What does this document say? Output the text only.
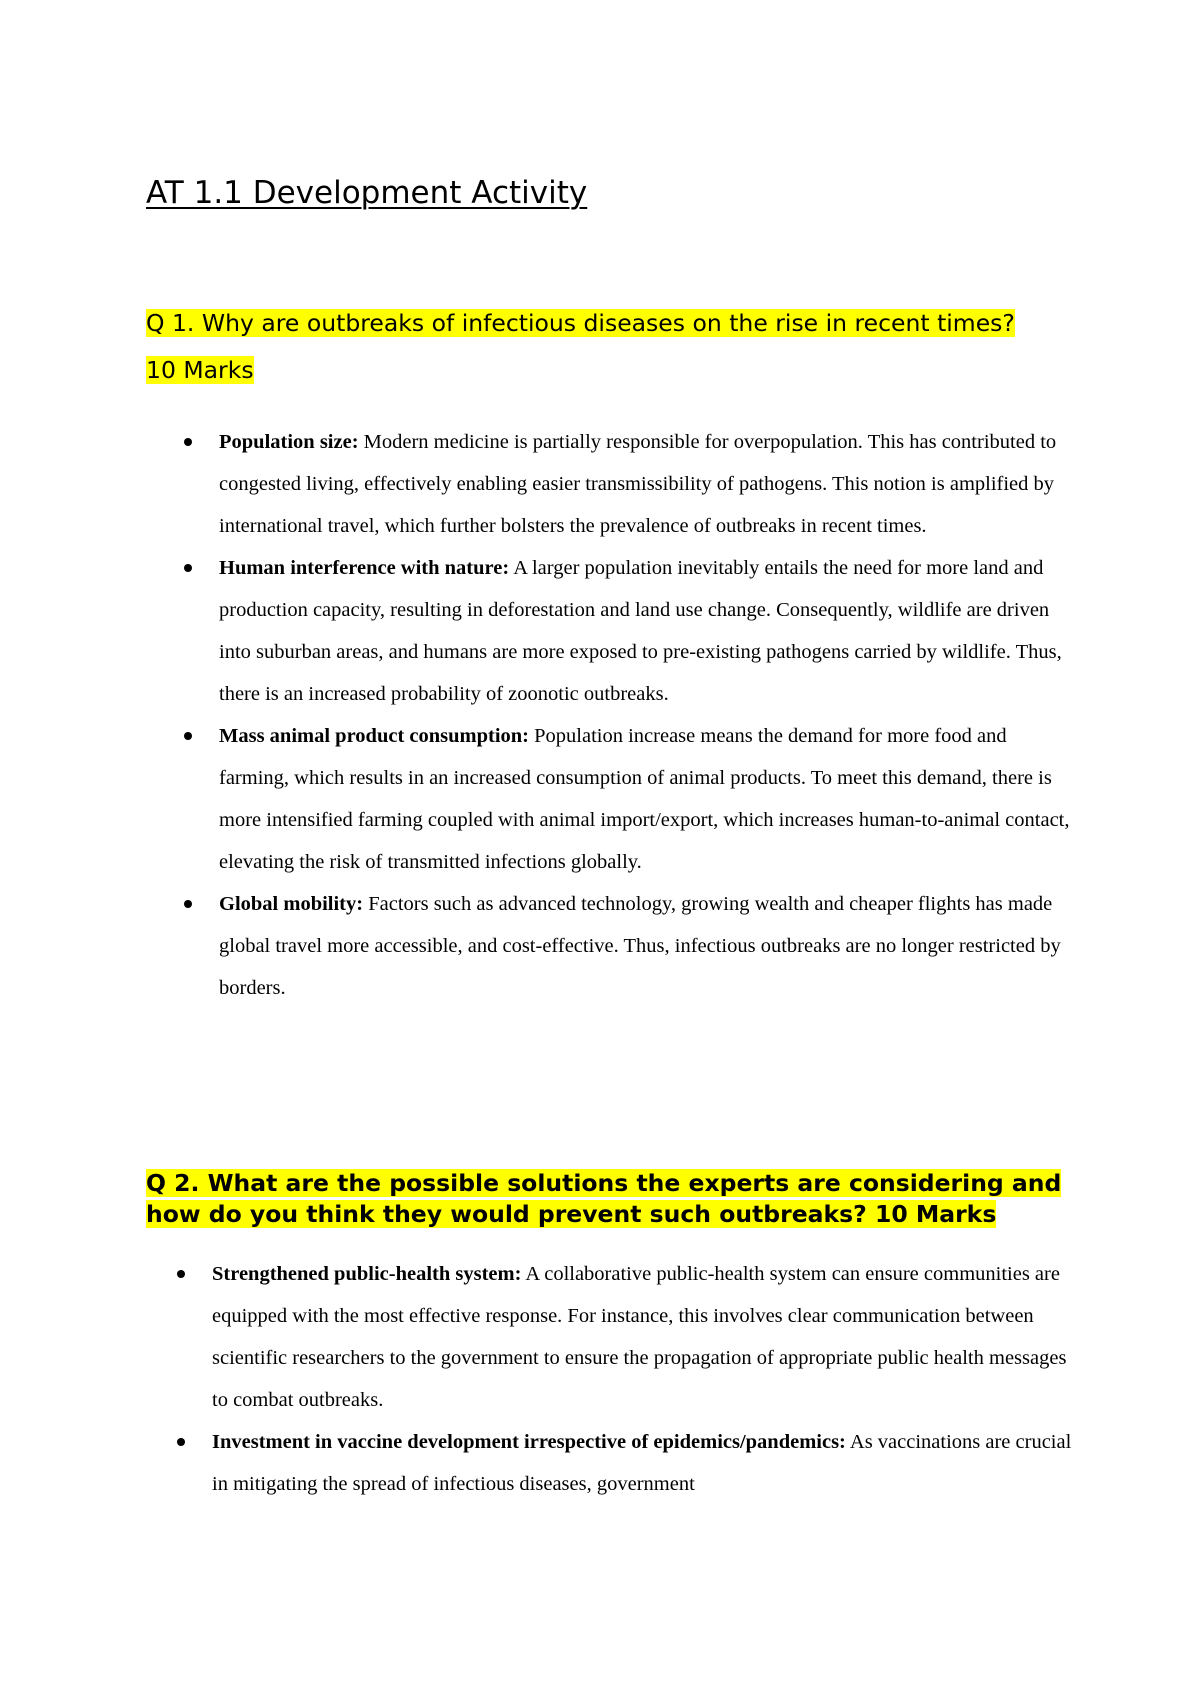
AT 1.1 Development Activity
Q 1. Why are outbreaks of infectious diseases on the rise in recent times?
10 Marks
Population size: Modern medicine is partially responsible for overpopulation. This has contributed to congested living, effectively enabling easier transmissibility of pathogens. This notion is amplified by international travel, which further bolsters the prevalence of outbreaks in recent times.
Human interference with nature: A larger population inevitably entails the need for more land and production capacity, resulting in deforestation and land use change. Consequently, wildlife are driven into suburban areas, and humans are more exposed to pre-existing pathogens carried by wildlife. Thus, there is an increased probability of zoonotic outbreaks.
Mass animal product consumption: Population increase means the demand for more food and farming, which results in an increased consumption of animal products. To meet this demand, there is more intensified farming coupled with animal import/export, which increases human-to-animal contact, elevating the risk of transmitted infections globally.
Global mobility: Factors such as advanced technology, growing wealth and cheaper flights has made global travel more accessible, and cost-effective. Thus, infectious outbreaks are no longer restricted by borders.
Q 2. What are the possible solutions the experts are considering and how do you think they would prevent such outbreaks? 10 Marks
Strengthened public-health system: A collaborative public-health system can ensure communities are equipped with the most effective response. For instance, this involves clear communication between scientific researchers to the government to ensure the propagation of appropriate public health messages to combat outbreaks.
Investment in vaccine development irrespective of epidemics/pandemics: As vaccinations are crucial in mitigating the spread of infectious diseases, government
